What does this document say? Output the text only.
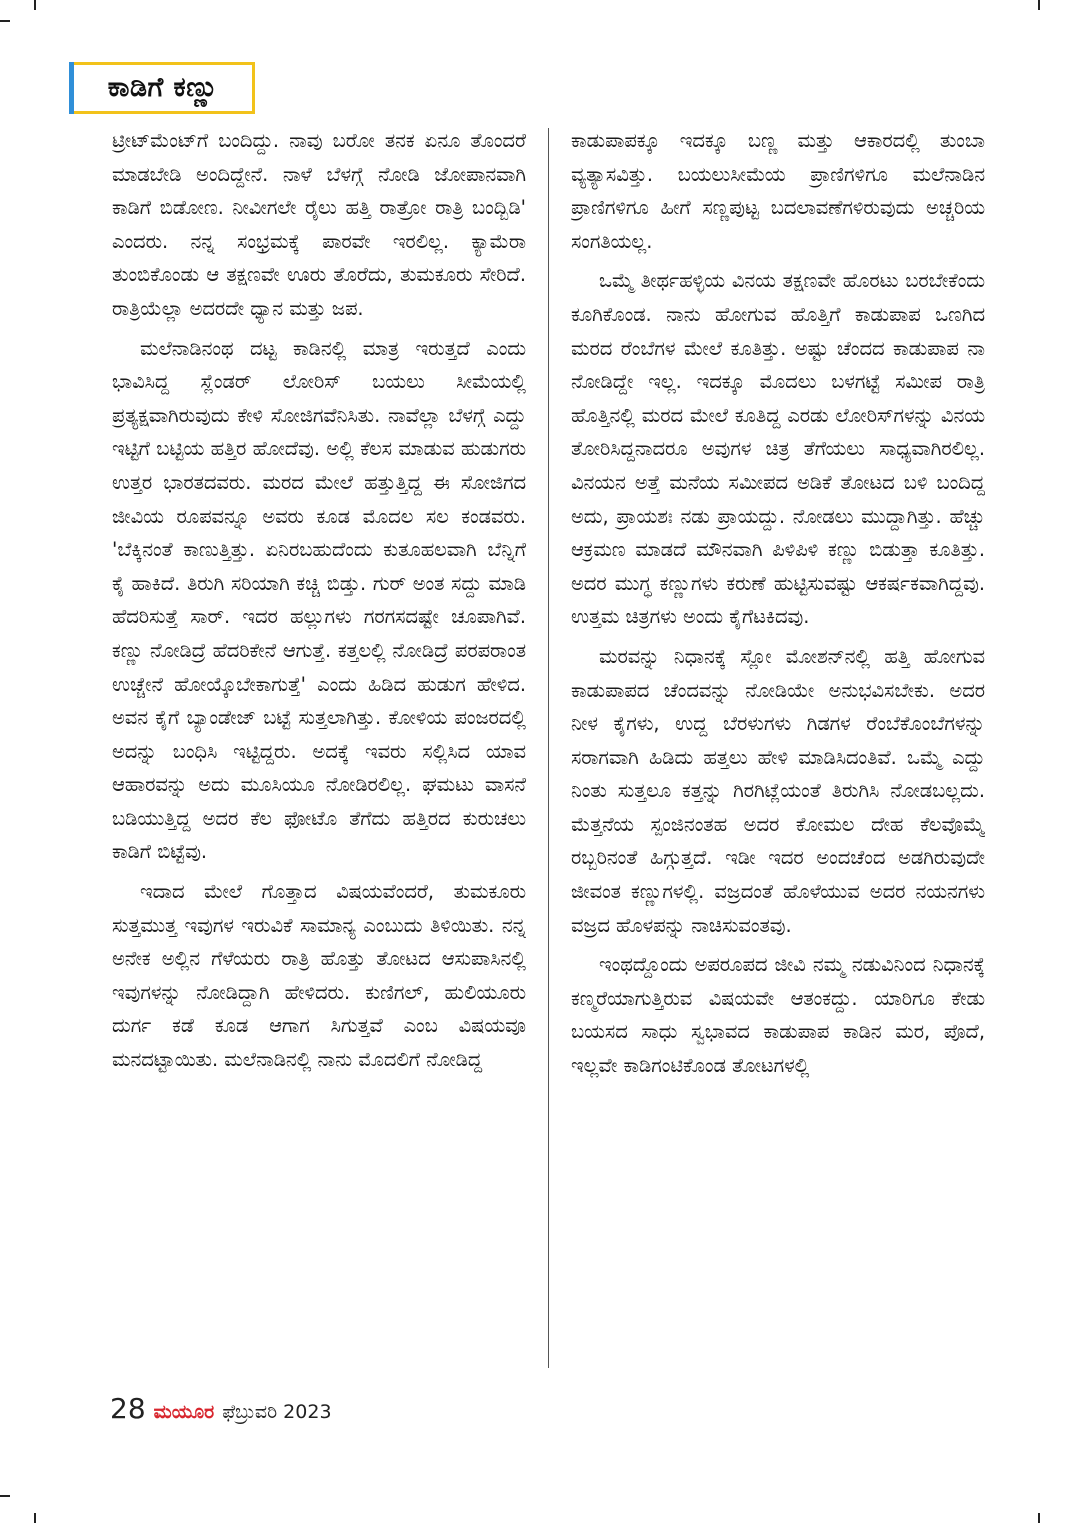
ಕಾಡಿಗೆ ಕಣ್ಣು

ಟ್ರೀಟ್‌ಮೆಂಟ್‌ಗೆ ಬಂದಿದ್ದು. ನಾವು ಬರೋ ತನಕ ಏನೂ ತೊಂದರೆ ಮಾಡಬೇಡಿ ಅಂದಿದ್ದೇನೆ. ನಾಳೆ ಬೆಳಗ್ಗೆ ನೋಡಿ ಜೋಪಾನವಾಗಿ ಕಾಡಿಗೆ ಬಿಡೋಣ. ನೀವೀಗಲೇ ರೈಲು ಹತ್ತಿ ರಾತ್ರೋ ರಾತ್ರಿ ಬಂದ್ಬಿಡಿ' ಎಂದರು. ನನ್ನ ಸಂಭ್ರಮಕ್ಕೆ ಪಾರವೇ ಇರಲಿಲ್ಲ. ಕ್ಯಾಮೆರಾ ತುಂಬಿಕೊಂಡು ಆ ತಕ್ಷಣವೇ ಊರು ತೊರೆದು, ತುಮಕೂರು ಸೇರಿದೆ. ರಾತ್ರಿಯೆಲ್ಲಾ ಅದರದೇ ಧ್ಯಾನ ಮತ್ತು ಜಪ.

ಮಲೆನಾಡಿನಂಥ ದಟ್ಟ ಕಾಡಿನಲ್ಲಿ ಮಾತ್ರ ಇರುತ್ತದೆ ಎಂದು ಭಾವಿಸಿದ್ದ ಸ್ಲೆಂಡರ್ ಲೋರಿಸ್ ಬಯಲು ಸೀಮೆಯಲ್ಲಿ ಪ್ರತ್ಯಕ್ಷವಾಗಿರುವುದು ಕೇಳಿ ಸೋಜಿಗವೆನಿಸಿತು. ನಾವೆಲ್ಲಾ ಬೆಳಗ್ಗೆ ಎದ್ದು ಇಟ್ಟಿಗೆ ಬಟ್ಟಿಯ ಹತ್ತಿರ ಹೋದೆವು. ಅಲ್ಲಿ ಕೆಲಸ ಮಾಡುವ ಹುಡುಗರು ಉತ್ತರ ಭಾರತದವರು. ಮರದ ಮೇಲೆ ಹತ್ತುತ್ತಿದ್ದ ಈ ಸೋಜಿಗದ ಜೀವಿಯ ರೂಪವನ್ನೂ ಅವರು ಕೂಡ ಮೊದಲ ಸಲ ಕಂಡವರು. 'ಬೆಕ್ಕಿನಂತೆ ಕಾಣುತ್ತಿತ್ತು. ಏನಿರಬಹುದೆಂದು ಕುತೂಹಲವಾಗಿ ಬೆನ್ನಿಗೆ ಕೈ ಹಾಕಿದೆ. ತಿರುಗಿ ಸರಿಯಾಗಿ ಕಚ್ಚಿ ಬಿಡ್ತು. ಗುರ್ ಅಂತ ಸದ್ದು ಮಾಡಿ ಹೆದರಿಸುತ್ತೆ ಸಾರ್. ಇದರ ಹಲ್ಲುಗಳು ಗರಗಸದಷ್ಟೇ ಚೂಪಾಗಿವೆ. ಕಣ್ಣು ನೋಡಿದ್ರೆ ಹೆದರಿಕೇನೆ ಆಗುತ್ತೆ. ಕತ್ತಲಲ್ಲಿ ನೋಡಿದ್ರೆ ಪರಪರಾಂತ ಉಚ್ಚೇನೆ ಹೋಯ್ಕೊಬೇಕಾಗುತ್ತೆ' ಎಂದು ಹಿಡಿದ ಹುಡುಗ ಹೇಳಿದ. ಅವನ ಕೈಗೆ ಬ್ಯಾಂಡೇಜ್ ಬಟ್ಟೆ ಸುತ್ತಲಾಗಿತ್ತು. ಕೋಳಿಯ ಪಂಜರದಲ್ಲಿ ಅದನ್ನು ಬಂಧಿಸಿ ಇಟ್ಟಿದ್ದರು. ಅದಕ್ಕೆ ಇವರು ಸಲ್ಲಿಸಿದ ಯಾವ ಆಹಾರವನ್ನು ಅದು ಮೂಸಿಯೂ ನೋಡಿರಲಿಲ್ಲ. ಘಮಟು ವಾಸನೆ ಬಡಿಯುತ್ತಿದ್ದ ಅದರ ಕೆಲ ಫೋಟೊ ತೆಗೆದು ಹತ್ತಿರದ ಕುರುಚಲು ಕಾಡಿಗೆ ಬಿಟ್ಟೆವು.

ಇದಾದ ಮೇಲೆ ಗೊತ್ತಾದ ವಿಷಯವೆಂದರೆ, ತುಮಕೂರು ಸುತ್ತಮುತ್ತ ಇವುಗಳ ಇರುವಿಕೆ ಸಾಮಾನ್ಯ ಎಂಬುದು ತಿಳಿಯಿತು. ನನ್ನ ಅನೇಕ ಅಲ್ಲಿನ ಗೆಳೆಯರು ರಾತ್ರಿ ಹೊತ್ತು ತೋಟದ ಆಸುಪಾಸಿನಲ್ಲಿ ಇವುಗಳನ್ನು ನೋಡಿದ್ದಾಗಿ ಹೇಳಿದರು. ಕುಣಿಗಲ್, ಹುಲಿಯೂರು ದುರ್ಗ ಕಡೆ ಕೂಡ ಆಗಾಗ ಸಿಗುತ್ತವೆ ಎಂಬ ವಿಷಯವೂ ಮನದಟ್ಟಾಯಿತು. ಮಲೆನಾಡಿನಲ್ಲಿ ನಾನು ಮೊದಲಿಗೆ ನೋಡಿದ್ದ

ಕಾಡುಪಾಪಕ್ಕೂ ಇದಕ್ಕೂ ಬಣ್ಣ ಮತ್ತು ಆಕಾರದಲ್ಲಿ ತುಂಬಾ ವ್ಯತ್ಯಾಸವಿತ್ತು. ಬಯಲುಸೀಮೆಯ ಪ್ರಾಣಿಗಳಿಗೂ ಮಲೆನಾಡಿನ ಪ್ರಾಣಿಗಳಿಗೂ ಹೀಗೆ ಸಣ್ಣಪುಟ್ಟ ಬದಲಾವಣೆಗಳಿರುವುದು ಅಚ್ಚರಿಯ ಸಂಗತಿಯಲ್ಲ.

ಒಮ್ಮೆ ತೀರ್ಥಹಳ್ಳಿಯ ವಿನಯ ತಕ್ಷಣವೇ ಹೊರಟು ಬರಬೇಕೆಂದು ಕೂಗಿಕೊಂಡ. ನಾನು ಹೋಗುವ ಹೊತ್ತಿಗೆ ಕಾಡುಪಾಪ ಒಣಗಿದ ಮರದ ರೆಂಬೆಗಳ ಮೇಲೆ ಕೂತಿತ್ತು. ಅಷ್ಟು ಚೆಂದದ ಕಾಡುಪಾಪ ನಾ ನೋಡಿದ್ದೇ ಇಲ್ಲ. ಇದಕ್ಕೂ ಮೊದಲು ಬಳಗಟ್ಟೆ ಸಮೀಪ ರಾತ್ರಿ ಹೊತ್ತಿನಲ್ಲಿ ಮರದ ಮೇಲೆ ಕೂತಿದ್ದ ಎರಡು ಲೋರಿಸ್‌ಗಳನ್ನು ವಿನಯ ತೋರಿಸಿದ್ದನಾದರೂ ಅವುಗಳ ಚಿತ್ರ ತೆಗೆಯಲು ಸಾಧ್ಯವಾಗಿರಲಿಲ್ಲ. ವಿನಯನ ಅತ್ತೆ ಮನೆಯ ಸಮೀಪದ ಅಡಿಕೆ ತೋಟದ ಬಳಿ ಬಂದಿದ್ದ ಅದು, ಪ್ರಾಯಶಃ ನಡು ಪ್ರಾಯದ್ದು. ನೋಡಲು ಮುದ್ದಾಗಿತ್ತು. ಹೆಚ್ಚು ಆಕ್ರಮಣ ಮಾಡದೆ ಮೌನವಾಗಿ ಪಿಳಿಪಿಳಿ ಕಣ್ಣು ಬಿಡುತ್ತಾ ಕೂತಿತ್ತು. ಅದರ ಮುಗ್ಧ ಕಣ್ಣುಗಳು ಕರುಣೆ ಹುಟ್ಟಿಸುವಷ್ಟು ಆಕರ್ಷಕವಾಗಿದ್ದವು. ಉತ್ತಮ ಚಿತ್ರಗಳು ಅಂದು ಕೈಗೆಟಕಿದವು.

ಮರವನ್ನು ನಿಧಾನಕ್ಕೆ ಸ್ಲೋ ಮೋಶನ್‌ನಲ್ಲಿ ಹತ್ತಿ ಹೋಗುವ ಕಾಡುಪಾಪದ ಚೆಂದವನ್ನು ನೋಡಿಯೇ ಅನುಭವಿಸಬೇಕು. ಅದರ ನೀಳ ಕೈಗಳು, ಉದ್ದ ಬೆರಳುಗಳು ಗಿಡಗಳ ರೆಂಬೆಕೊಂಬೆಗಳನ್ನು ಸರಾಗವಾಗಿ ಹಿಡಿದು ಹತ್ತಲು ಹೇಳಿ ಮಾಡಿಸಿದಂತಿವೆ. ಒಮ್ಮೆ ಎದ್ದು ನಿಂತು ಸುತ್ತಲೂ ಕತ್ತನ್ನು ಗಿರಗಿಟ್ಲೆಯಂತೆ ತಿರುಗಿಸಿ ನೋಡಬಲ್ಲದು. ಮೆತ್ತನೆಯ ಸ್ಪಂಜಿನಂತಹ ಅದರ ಕೋಮಲ ದೇಹ ಕೆಲವೊಮ್ಮೆ ರಬ್ಬರಿನಂತೆ ಹಿಗ್ಗುತ್ತದೆ. ಇಡೀ ಇದರ ಅಂದಚೆಂದ ಅಡಗಿರುವುದೇ ಜೀವಂತ ಕಣ್ಣುಗಳಲ್ಲಿ. ವಜ್ರದಂತೆ ಹೊಳೆಯುವ ಅದರ ನಯನಗಳು ವಜ್ರದ ಹೊಳಪನ್ನು ನಾಚಿಸುವಂತವು.

ಇಂಥದ್ದೊಂದು ಅಪರೂಪದ ಜೀವಿ ನಮ್ಮ ನಡುವಿನಿಂದ ನಿಧಾನಕ್ಕೆ ಕಣ್ಮರೆಯಾಗುತ್ತಿರುವ ವಿಷಯವೇ ಆತಂಕದ್ದು. ಯಾರಿಗೂ ಕೇಡು ಬಯಸದ ಸಾಧು ಸ್ವಭಾವದ ಕಾಡುಪಾಪ ಕಾಡಿನ ಮರ, ಪೊದೆ, ಇಲ್ಲವೇ ಕಾಡಿಗಂಟಿಕೊಂಡ ತೋಟಗಳಲ್ಲಿ

28 ಮಯೂರ ಫೆಬ್ರುವರಿ 2023
